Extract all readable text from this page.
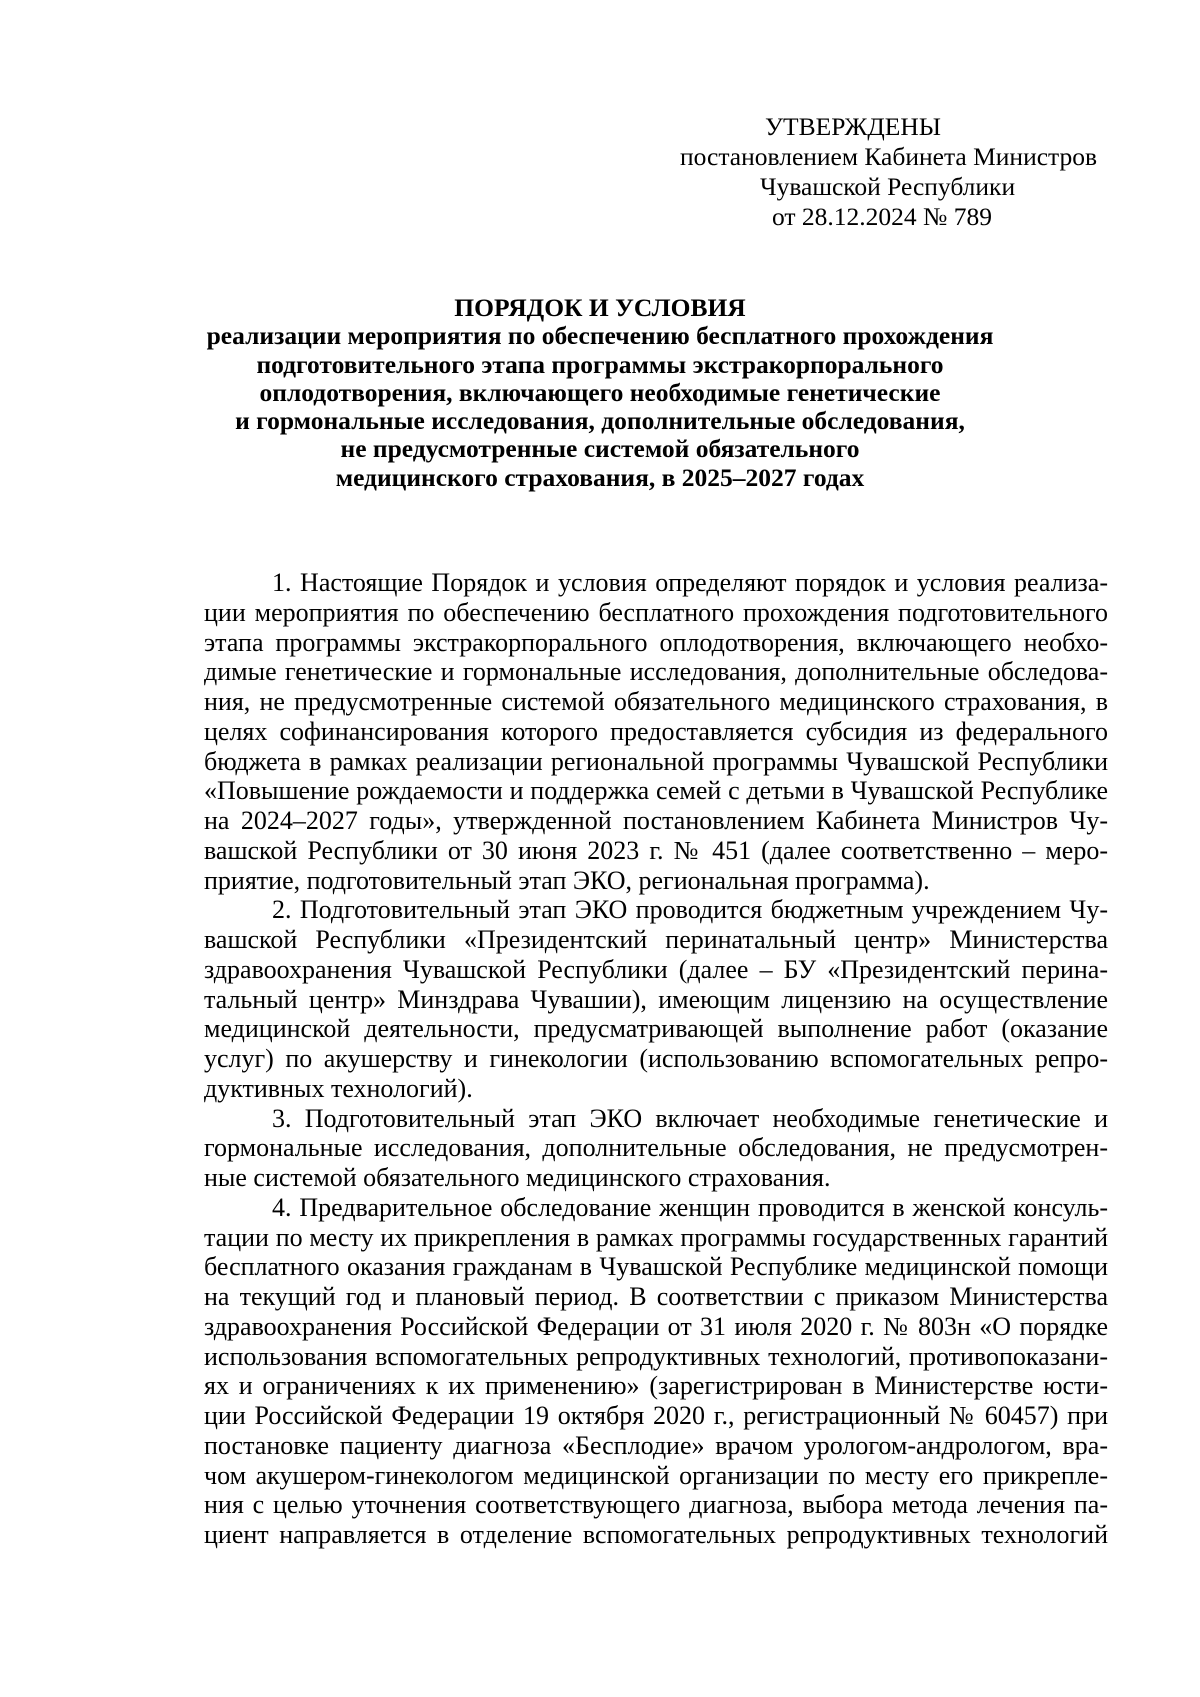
УТВЕРЖДЕНЫ
постановлением Кабинета Министров
Чувашской Республики
от 28.12.2024 № 789
ПОРЯДОК И УСЛОВИЯ
реализации мероприятия по обеспечению бесплатного прохождения
подготовительного этапа программы экстракорпорального
оплодотворения, включающего необходимые генетические
и гормональные исследования, дополнительные обследования,
не предусмотренные системой обязательного
медицинского страхования, в 2025–2027 годах
1. Настоящие Порядок и условия определяют порядок и условия реализа-
ции мероприятия по обеспечению бесплатного прохождения подготовительного
этапа программы экстракорпорального оплодотворения, включающего необхо-
димые генетические и гормональные исследования, дополнительные обследова-
ния, не предусмотренные системой обязательного медицинского страхования, в
целях софинансирования которого предоставляется субсидия из федерального
бюджета в рамках реализации региональной программы Чувашской Республики
«Повышение рождаемости и поддержка семей с детьми в Чувашской Республике
на 2024–2027 годы», утвержденной постановлением Кабинета Министров Чу-
вашской Республики от 30 июня 2023 г. № 451 (далее соответственно – меро-
приятие, подготовительный этап ЭКО, региональная программа).
2. Подготовительный этап ЭКО проводится бюджетным учреждением Чу-
вашской Республики «Президентский перинатальный центр» Министерства
здравоохранения Чувашской Республики (далее – БУ «Президентский перина-
тальный центр» Минздрава Чувашии), имеющим лицензию на осуществление
медицинской деятельности, предусматривающей выполнение работ (оказание
услуг) по акушерству и гинекологии (использованию вспомогательных репро-
дуктивных технологий).
3. Подготовительный этап ЭКО включает необходимые генетические и
гормональные исследования, дополнительные обследования, не предусмотрен-
ные системой обязательного медицинского страхования.
4. Предварительное обследование женщин проводится в женской консуль-
тации по месту их прикрепления в рамках программы государственных гарантий
бесплатного оказания гражданам в Чувашской Республике медицинской помощи
на текущий год и плановый период. В соответствии с приказом Министерства
здравоохранения Российской Федерации от 31 июля 2020 г. № 803н «О порядке
использования вспомогательных репродуктивных технологий, противопоказани-
ях и ограничениях к их применению» (зарегистрирован в Министерстве юсти-
ции Российской Федерации 19 октября 2020 г., регистрационный № 60457) при
постановке пациенту диагноза «Бесплодие» врачом урологом-андрологом, вра-
чом акушером-гинекологом медицинской организации по месту его прикрепле-
ния с целью уточнения соответствующего диагноза, выбора метода лечения па-
циент направляется в отделение вспомогательных репродуктивных технологий
